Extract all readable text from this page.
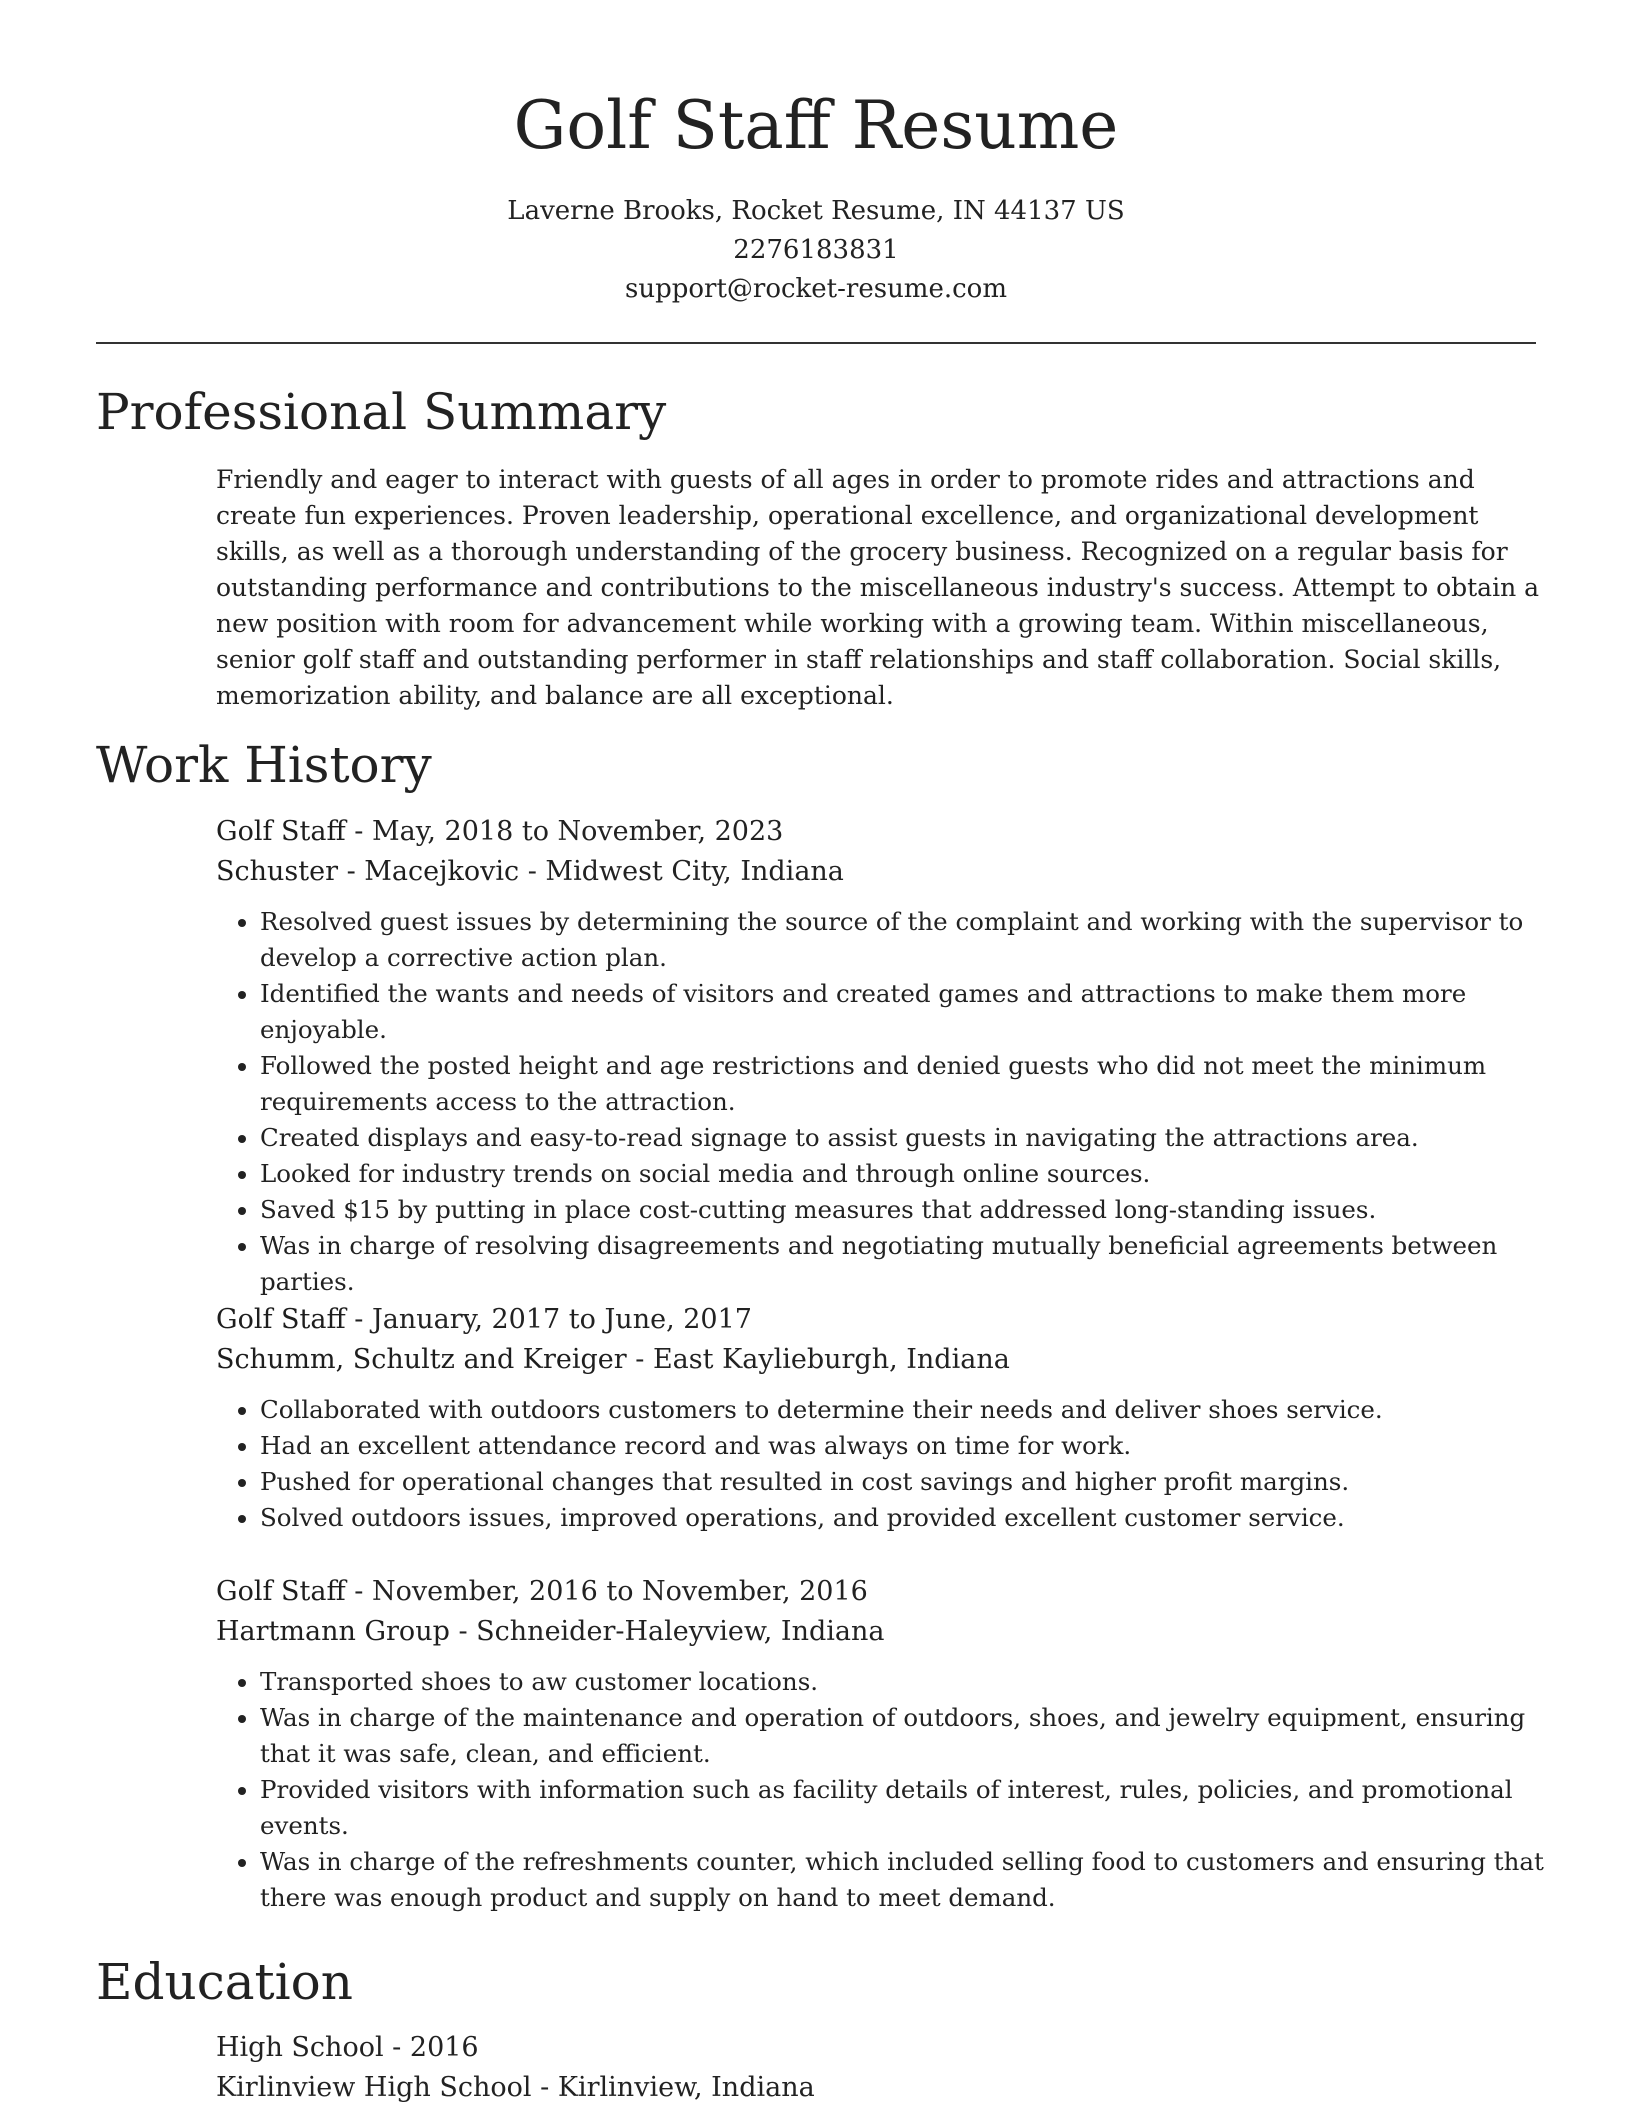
Golf Staff Resume
Laverne Brooks, Rocket Resume, IN 44137 US
2276183831
support@rocket-resume.com
Professional Summary

Friendly and eager to interact with guests of all ages in order to promote rides and attractions and create fun experiences. Proven leadership, operational excellence, and organizational development skills, as well as a thorough understanding of the grocery business. Recognized on a regular basis for outstanding performance and contributions to the miscellaneous industry's success. Attempt to obtain a new position with room for advancement while working with a growing team. Within miscellaneous, senior golf staff and outstanding performer in staff relationships and staff collaboration. Social skills, memorization ability, and balance are all exceptional.

Work History
Golf Staff - May, 2018 to November, 2023
Schuster - Macejkovic - Midwest City, Indiana
• Resolved guest issues by determining the source of the complaint and working with the supervisor to develop a corrective action plan.
• Identified the wants and needs of visitors and created games and attractions to make them more enjoyable.
• Followed the posted height and age restrictions and denied guests who did not meet the minimum requirements access to the attraction.
• Created displays and easy-to-read signage to assist guests in navigating the attractions area.
• Looked for industry trends on social media and through online sources.
• Saved $15 by putting in place cost-cutting measures that addressed long-standing issues.
• Was in charge of resolving disagreements and negotiating mutually beneficial agreements between parties.
Golf Staff - January, 2017 to June, 2017
Schumm, Schultz and Kreiger - East Kaylieburgh, Indiana
• Collaborated with outdoors customers to determine their needs and deliver shoes service.
• Had an excellent attendance record and was always on time for work.
• Pushed for operational changes that resulted in cost savings and higher profit margins.
• Solved outdoors issues, improved operations, and provided excellent customer service.
Golf Staff - November, 2016 to November, 2016
Hartmann Group - Schneider-Haleyview, Indiana
• Transported shoes to aw customer locations.
• Was in charge of the maintenance and operation of outdoors, shoes, and jewelry equipment, ensuring that it was safe, clean, and efficient.
• Provided visitors with information such as facility details of interest, rules, policies, and promotional events.
• Was in charge of the refreshments counter, which included selling food to customers and ensuring that there was enough product and supply on hand to meet demand.
Education
High School - 2016
Kirlinview High School - Kirlinview, Indiana
